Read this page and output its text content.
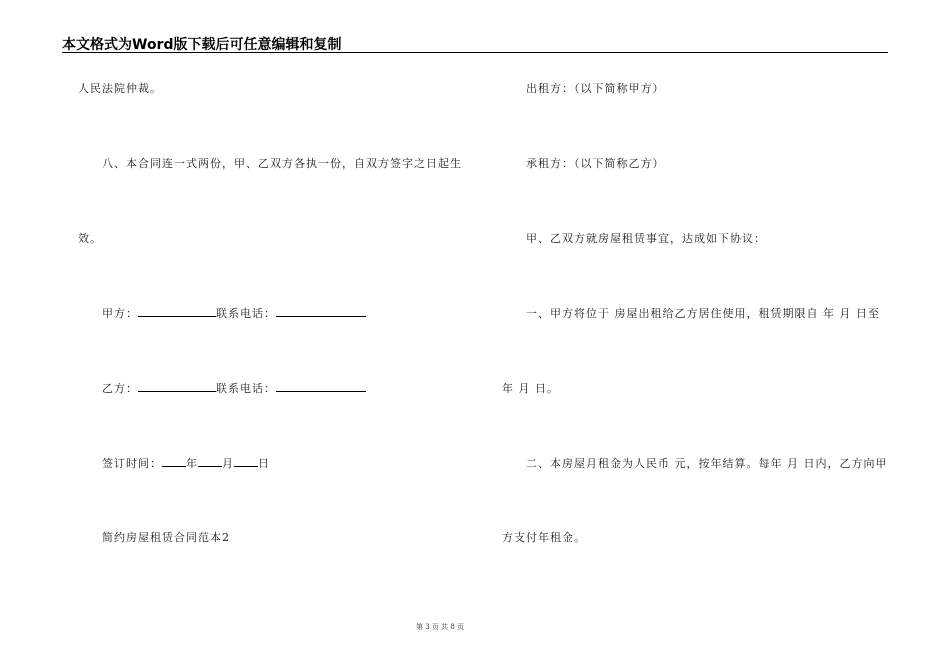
本文格式为Word版下载后可任意编辑和复制
人民法院仲裁。
八、本合同连一式两份，甲、乙双方各执一份，自双方签字之日起生
效。
甲方：	联系电话：
乙方：	联系电话：
签订时间： 年 月 日
简约房屋租赁合同范本2
出租方：（以下简称甲方）
承租方：（以下简称乙方）
甲、乙双方就房屋租赁事宜，达成如下协议：
一、甲方将位于 房屋出租给乙方居住使用，租赁期限自 年 月 日至
年 月 日。
二、本房屋月租金为人民币 元，按年结算。每年 月 日内，乙方向甲
方支付年租金。
第 3 页 共 8 页
